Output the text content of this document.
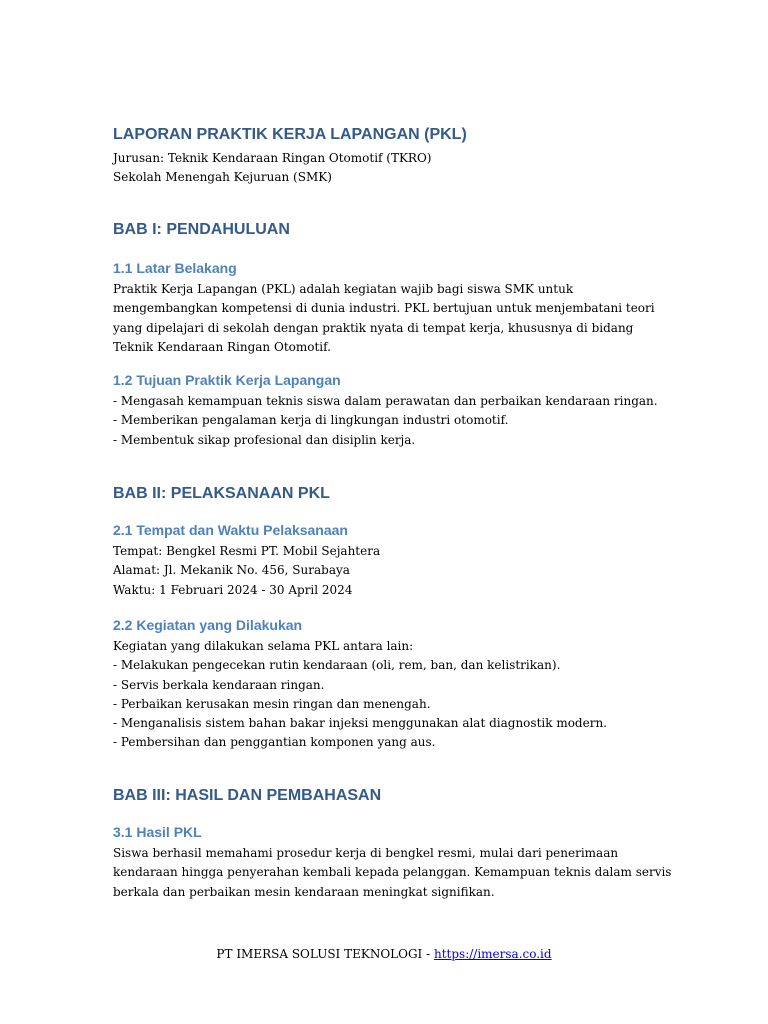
LAPORAN PRAKTIK KERJA LAPANGAN (PKL)

Jurusan: Teknik Kendaraan Ringan Otomotif (TKRO)
Sekolah Menengah Kejuruan (SMK)

BAB I: PENDAHULUAN
1.1 Latar Belakang

Praktik Kerja Lapangan (PKL) adalah kegiatan wajib bagi siswa SMK untuk
mengembangkan kompetensi di dunia industri. PKL bertujuan untuk menjembatani teori
yang dipelajari di sekolah dengan praktik nyata di tempat kerja, khususnya di bidang
Teknik Kendaraan Ringan Otomotif.

1.2 Tujuan Praktik Kerja Lapangan

- Mengasah kemampuan teknis siswa dalam perawatan dan perbaikan kendaraan ringan.
- Memberikan pengalaman kerja di lingkungan industri otomotif.
- Membentuk sikap profesional dan disiplin kerja.

BAB II: PELAKSANAAN PKL
2.1 Tempat dan Waktu Pelaksanaan

Tempat: Bengkel Resmi PT. Mobil Sejahtera
Alamat: Jl. Mekanik No. 456, Surabaya
Waktu: 1 Februari 2024 - 30 April 2024

2.2 Kegiatan yang Dilakukan

Kegiatan yang dilakukan selama PKL antara lain:
- Melakukan pengecekan rutin kendaraan (oli, rem, ban, dan kelistrikan).
- Servis berkala kendaraan ringan.
- Perbaikan kerusakan mesin ringan dan menengah.
- Menganalisis sistem bahan bakar injeksi menggunakan alat diagnostik modern.
- Pembersihan dan penggantian komponen yang aus.

BAB III: HASIL DAN PEMBAHASAN
3.1 Hasil PKL

Siswa berhasil memahami prosedur kerja di bengkel resmi, mulai dari penerimaan
kendaraan hingga penyerahan kembali kepada pelanggan. Kemampuan teknis dalam servis
berkala dan perbaikan mesin kendaraan meningkat signifikan.

PT IMERSA SOLUSI TEKNOLOGI - https://imersa.co.id
